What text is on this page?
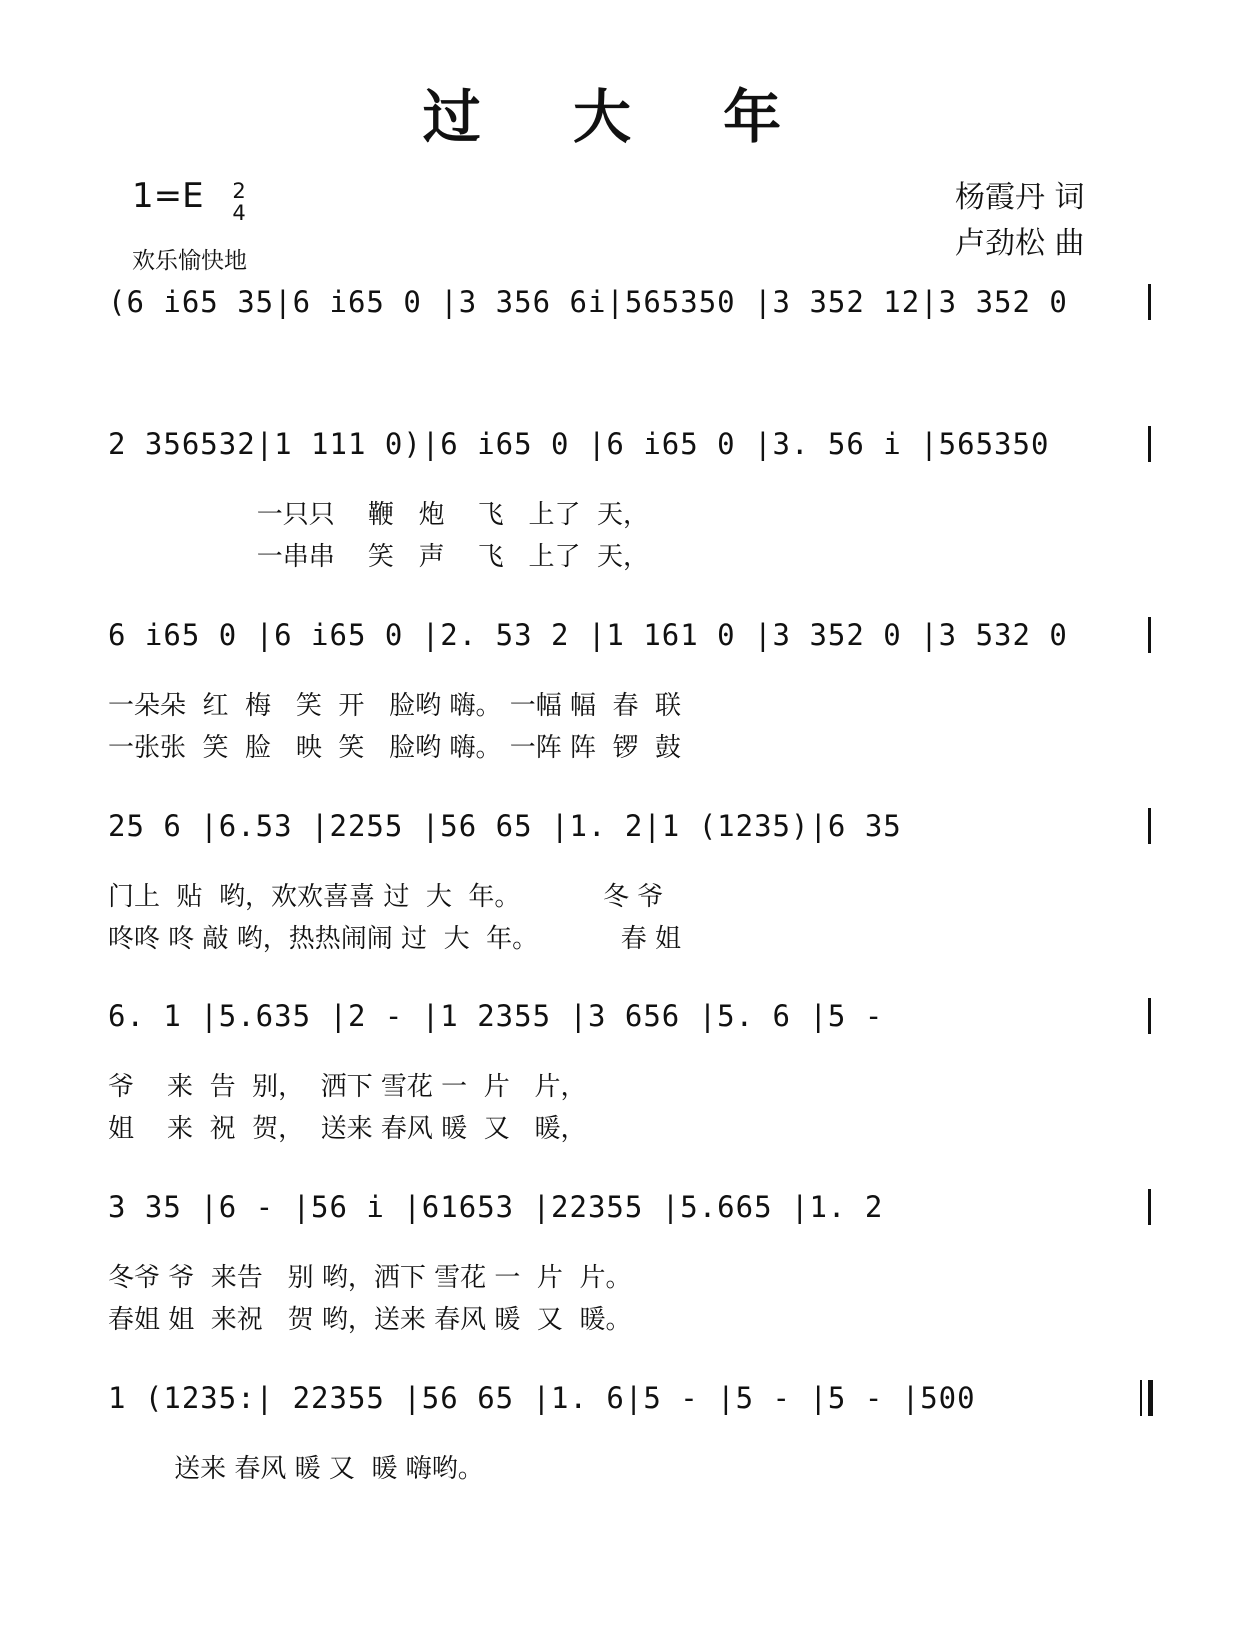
过 大 年
1=E 2
4
欢乐愉快地
杨霞丹 词
卢劲松 曲
(6 i65 35|6 i65 0 |3 356 6i|565350 |3 352 12|3 352 0
2 356532|1 111 0)|6 i65 0 |6 i65 0 |3. 56 i |565350
一只只    鞭   炮    飞   上了  天，
一串串    笑   声    飞   上了  天，
6 i65 0 |6 i65 0 |2. 53 2 |1 161 0 |3 352 0 |3 532 0
一朵朵  红  梅   笑  开   脸哟 嗨。 一幅 幅  春  联
一张张  笑  脸   映  笑   脸哟 嗨。 一阵 阵  锣  鼓
25 6 |6.53 |2255 |56 65 |1. 2|1 (1235)|6 35
门上  贴  哟，欢欢喜喜 过  大  年。          冬 爷
咚咚 咚 敲 哟，热热闹闹 过  大  年。          春 姐
6. 1 |5.635 |2 - |1 2355 |3 656 |5. 6 |5 -
爷    来  告  别，  洒下 雪花 一  片   片，
姐    来  祝  贺，  送来 春风 暖  又   暖，
3 35 |6 - |56 i |61653 |22355 |5.665 |1. 2
冬爷 爷  来告   别 哟，洒下 雪花 一  片  片。
春姐 姐  来祝   贺 哟，送来 春风 暖  又  暖。
1 (1235:| 22355 |56 65 |1. 6|5 - |5 - |5 - |500
送来 春风 暖 又  暖 嗨哟。
